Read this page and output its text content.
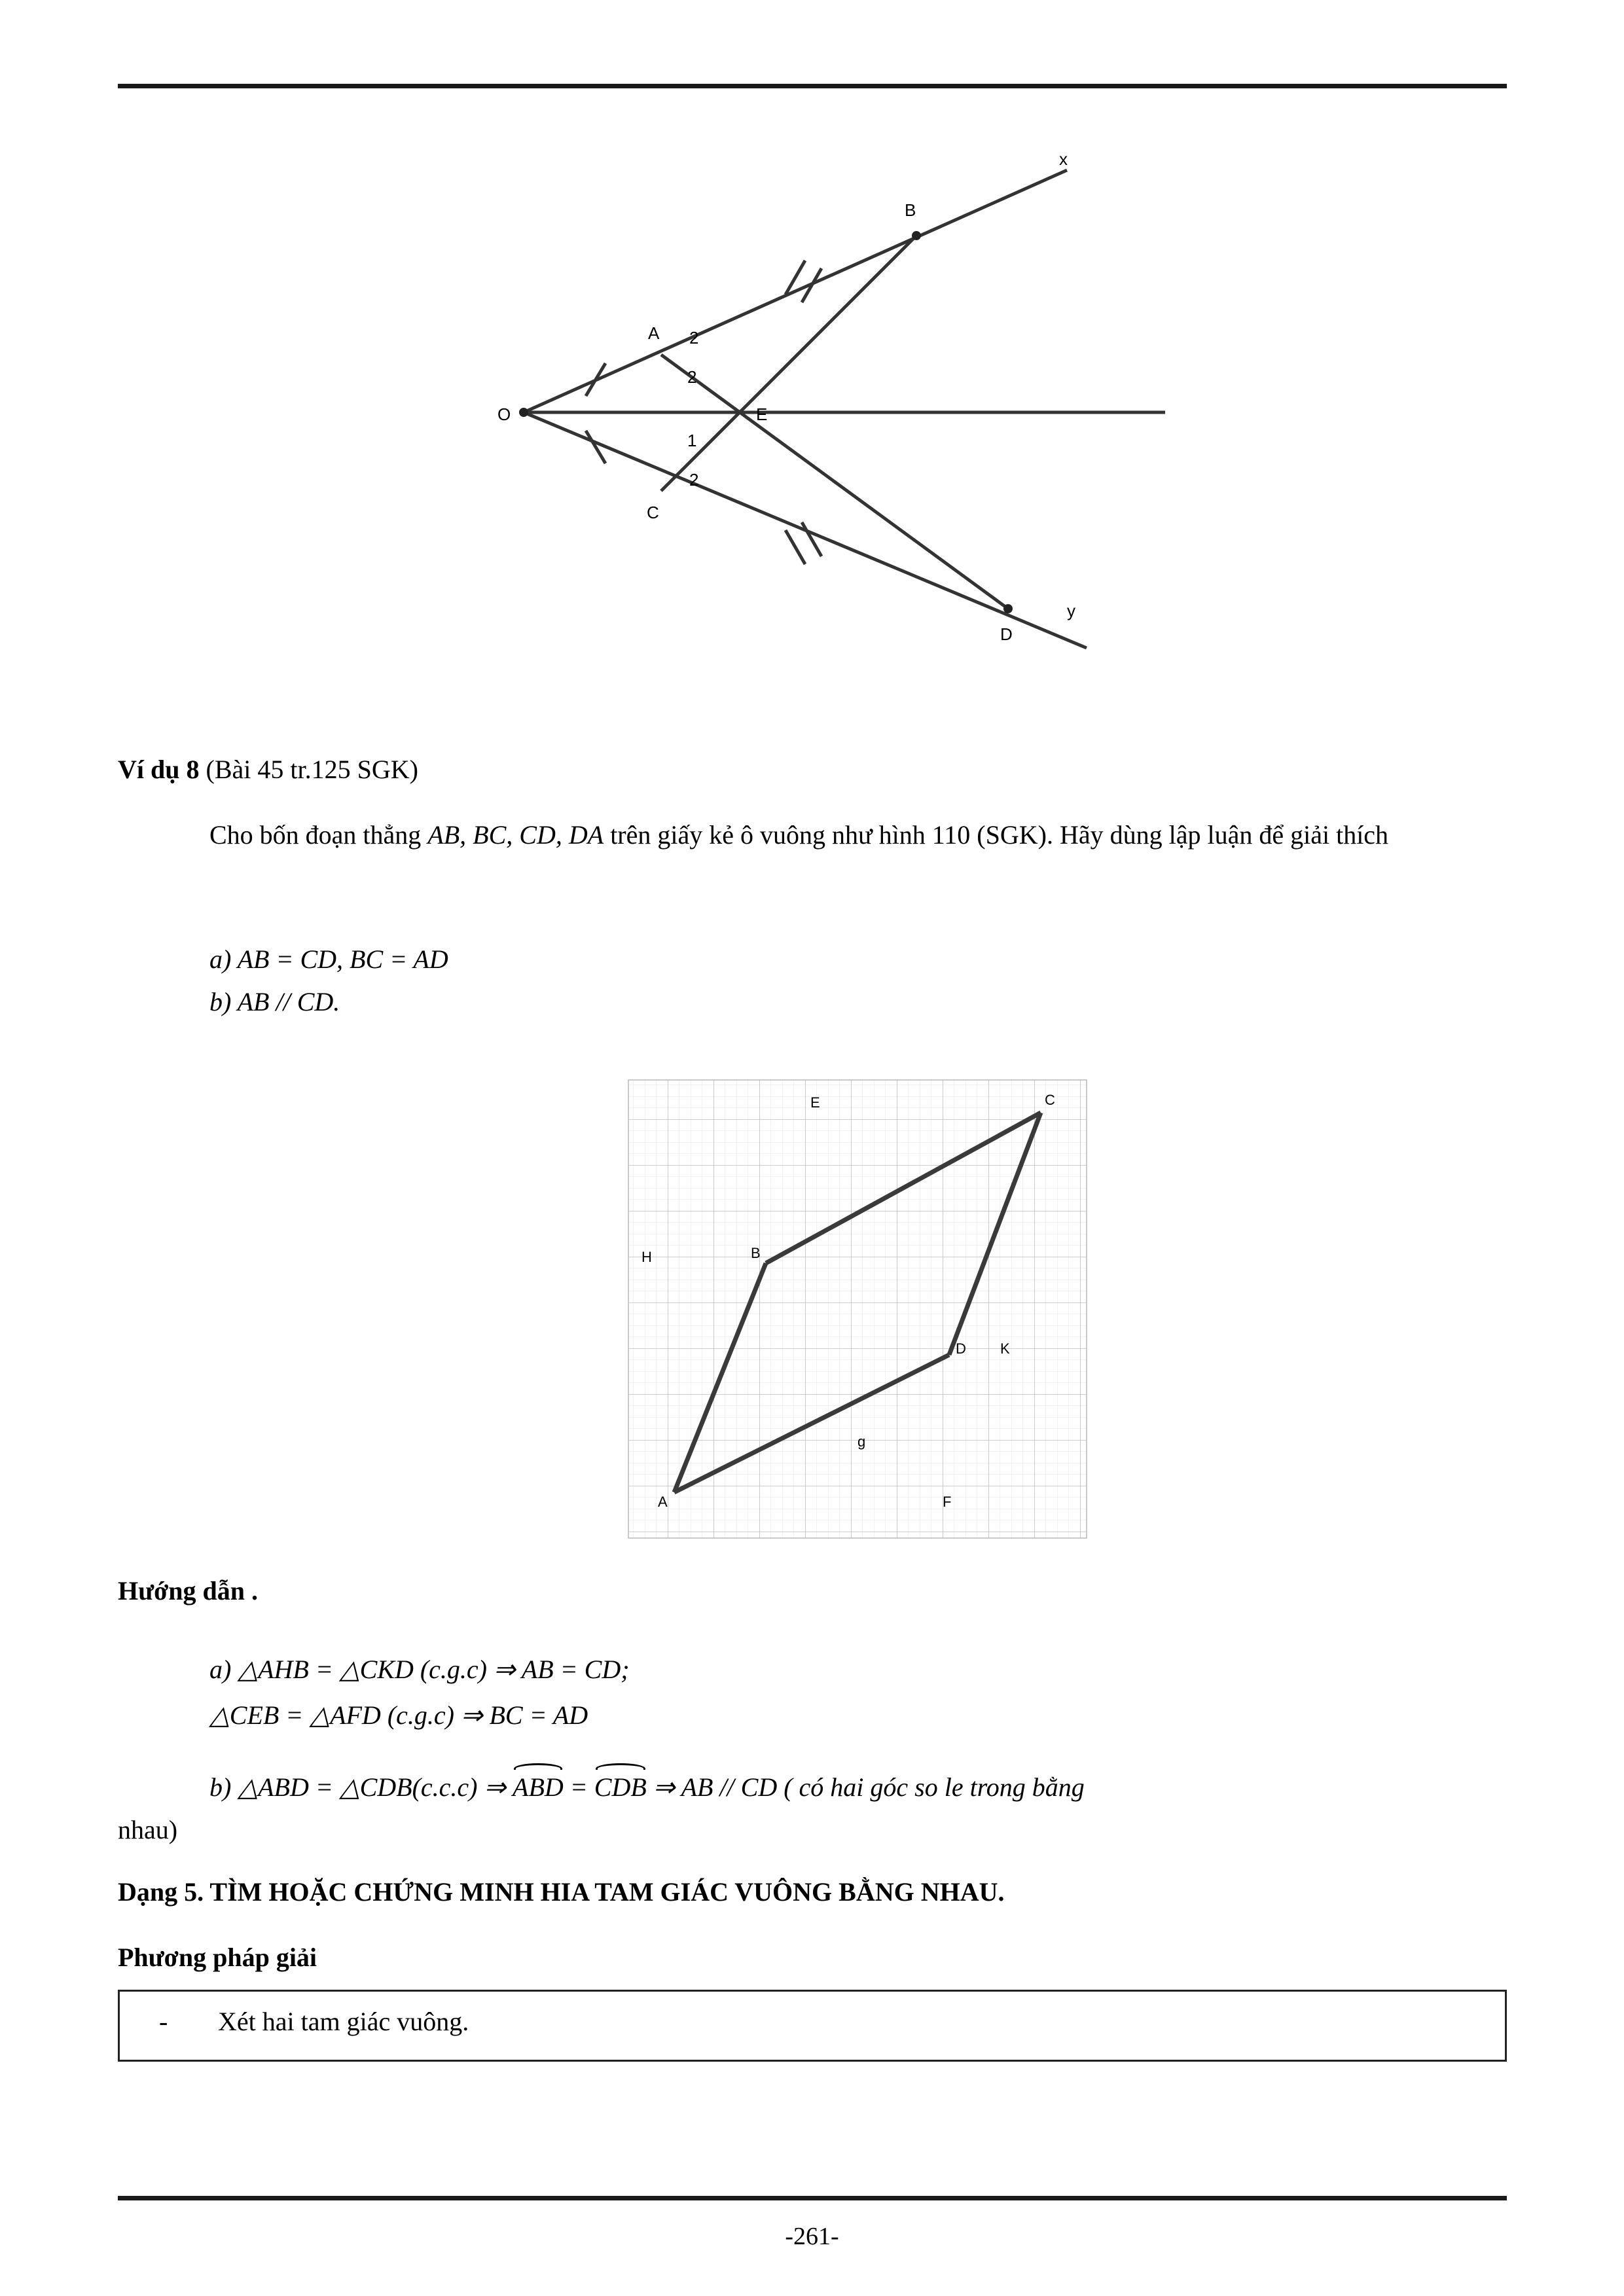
O
A
B
C
D
E
x
y
2
2
1
2
Ví dụ 8 (Bài 45 tr.125 SGK)
Cho bốn đoạn thẳng AB, BC, CD, DA trên giấy kẻ ô vuông như hình 110 (SGK). Hãy dùng lập luận để giải thích
a) AB = CD, BC = AD
b) AB // CD.
A
B
C
D
E
F
H
K
g
Hướng dẫn .
a) △AHB = △CKD (c.g.c) ⇒ AB = CD;
△CEB = △AFD (c.g.c) ⇒ BC = AD
b) △ABD = △CDB(c.c.c) ⇒ ABD = CDB ⇒ AB // CD ( có hai góc so le trong bằng
nhau)
Dạng 5. TÌM HOẶC CHỨNG MINH HIA TAM GIÁC VUÔNG BẰNG NHAU.
Phương pháp giải
- Xét hai tam giác vuông.
-261-
